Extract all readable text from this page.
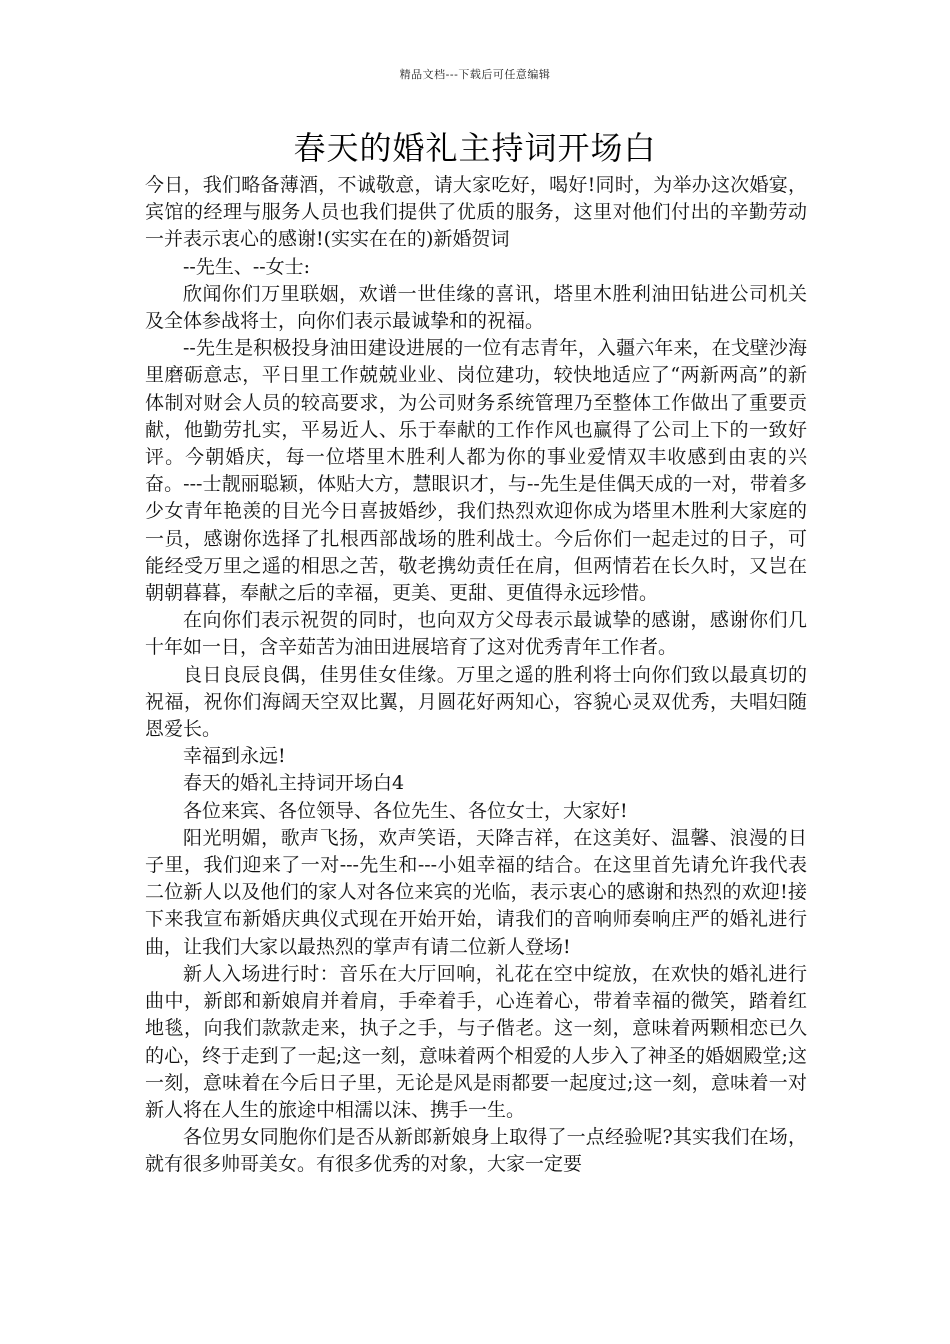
精品文档---下载后可任意编辑
春天的婚礼主持词开场白

今日，我们略备薄酒，不诚敬意，请大家吃好，喝好!同时，为举办这次婚宴，宾馆的经理与服务人员也我们提供了优质的服务，这里对他们付出的辛勤劳动一并表示衷心的感谢!(实实在在的)新婚贺词

--先生、--女士:

欣闻你们万里联姻，欢谱一世佳缘的喜讯，塔里木胜利油田钻进公司机关及全体参战将士，向你们表示最诚挚和的祝福。

--先生是积极投身油田建设进展的一位有志青年，入疆六年来，在戈壁沙海里磨砺意志，平日里工作兢兢业业、岗位建功，较快地适应了“两新两高”的新体制对财会人员的较高要求，为公司财务系统管理乃至整体工作做出了重要贡献，他勤劳扎实，平易近人、乐于奉献的工作作风也赢得了公司上下的一致好评。今朝婚庆，每一位塔里木胜利人都为你的事业爱情双丰收感到由衷的兴奋。---士靓丽聪颖，体贴大方，慧眼识才，与--先生是佳偶天成的一对，带着多少女青年艳羡的目光今日喜披婚纱，我们热烈欢迎你成为塔里木胜利大家庭的一员，感谢你选择了扎根西部战场的胜利战士。今后你们一起走过的日子，可能经受万里之遥的相思之苦，敬老携幼责任在肩，但两情若在长久时，又岂在朝朝暮暮，奉献之后的幸福，更美、更甜、更值得永远珍惜。

在向你们表示祝贺的同时，也向双方父母表示最诚挚的感谢，感谢你们几十年如一日，含辛茹苦为油田进展培育了这对优秀青年工作者。

良日良辰良偶，佳男佳女佳缘。万里之遥的胜利将士向你们致以最真切的祝福，祝你们海阔天空双比翼，月圆花好两知心，容貌心灵双优秀，夫唱妇随恩爱长。

幸福到永远!

春天的婚礼主持词开场白4

各位来宾、各位领导、各位先生、各位女士，大家好!

阳光明媚，歌声飞扬，欢声笑语，天降吉祥，在这美好、温馨、浪漫的日子里，我们迎来了一对---先生和---小姐幸福的结合。在这里首先请允许我代表二位新人以及他们的家人对各位来宾的光临，表示衷心的感谢和热烈的欢迎!接下来我宣布新婚庆典仪式现在开始开始，请我们的音响师奏响庄严的婚礼进行曲，让我们大家以最热烈的掌声有请二位新人登场!

新人入场进行时：音乐在大厅回响，礼花在空中绽放，在欢快的婚礼进行曲中，新郎和新娘肩并着肩，手牵着手，心连着心，带着幸福的微笑，踏着红地毯，向我们款款走来，执子之手，与子偕老。这一刻，意味着两颗相恋已久的心，终于走到了一起;这一刻，意味着两个相爱的人步入了神圣的婚姻殿堂;这一刻，意味着在今后日子里，无论是风是雨都要一起度过;这一刻，意味着一对新人将在人生的旅途中相濡以沫、携手一生。

各位男女同胞你们是否从新郎新娘身上取得了一点经验呢?其实我们在场，就有很多帅哥美女。有很多优秀的对象，大家一定要
